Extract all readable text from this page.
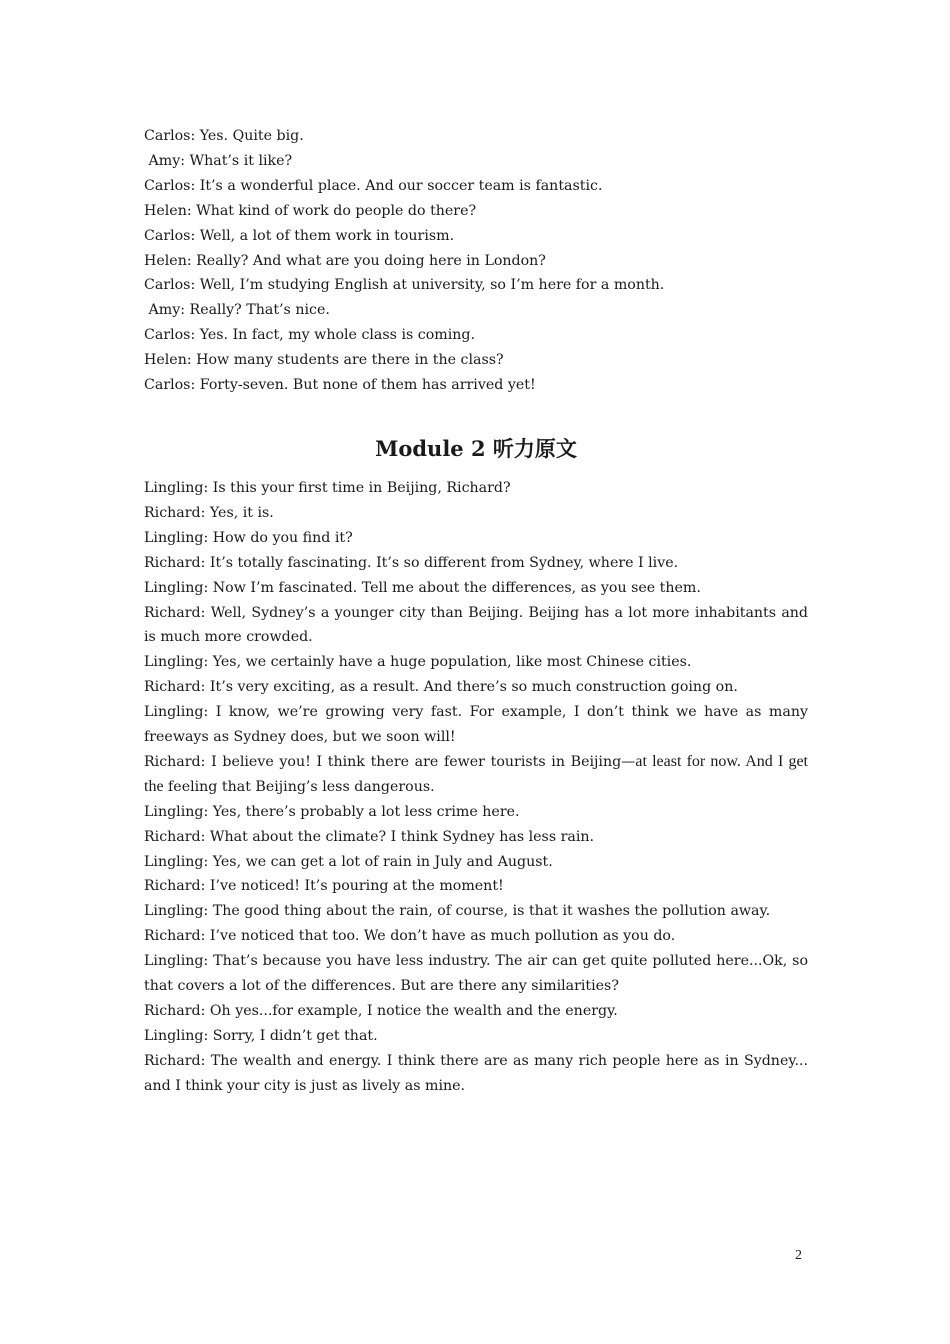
Carlos: Yes. Quite big.

Amy: What’s it like?

Carlos: It’s a wonderful place. And our soccer team is fantastic.

Helen: What kind of work do people do there?

Carlos: Well, a lot of them work in tourism.

Helen: Really? And what are you doing here in London?

Carlos: Well, I’m studying English at university, so I’m here for a month.

Amy: Really? That’s nice.

Carlos: Yes. In fact, my whole class is coming.

Helen: How many students are there in the class?

Carlos: Forty-seven. But none of them has arrived yet!

Module 2 听力原文

Lingling: Is this your first time in Beijing, Richard?

Richard: Yes, it is.

Lingling: How do you find it?

Richard: It’s totally fascinating. It’s so different from Sydney, where I live.

Lingling: Now I’m fascinated. Tell me about the differences, as you see them.

Richard: Well, Sydney’s a younger city than Beijing. Beijing has a lot more inhabitants and is much more crowded.

Lingling: Yes, we certainly have a huge population, like most Chinese cities.

Richard: It’s very exciting, as a result. And there’s so much construction going on.

Lingling: I know, we’re growing very fast. For example, I don’t think we have as many freeways as Sydney does, but we soon will!

Richard: I believe you! I think there are fewer tourists in Beijing—at least for now. And I get the feeling that Beijing’s less dangerous.

Lingling: Yes, there’s probably a lot less crime here.

Richard: What about the climate? I think Sydney has less rain.

Lingling: Yes, we can get a lot of rain in July and August.

Richard: I’ve noticed! It’s pouring at the moment!

Lingling: The good thing about the rain, of course, is that it washes the pollution away.

Richard: I’ve noticed that too. We don’t have as much pollution as you do.

Lingling: That’s because you have less industry. The air can get quite polluted here...Ok, so that covers a lot of the differences. But are there any similarities?

Richard: Oh yes...for example, I notice the wealth and the energy.

Lingling: Sorry, I didn’t get that.

Richard: The wealth and energy. I think there are as many rich people here as in Sydney... and I think your city is just as lively as mine.

2
